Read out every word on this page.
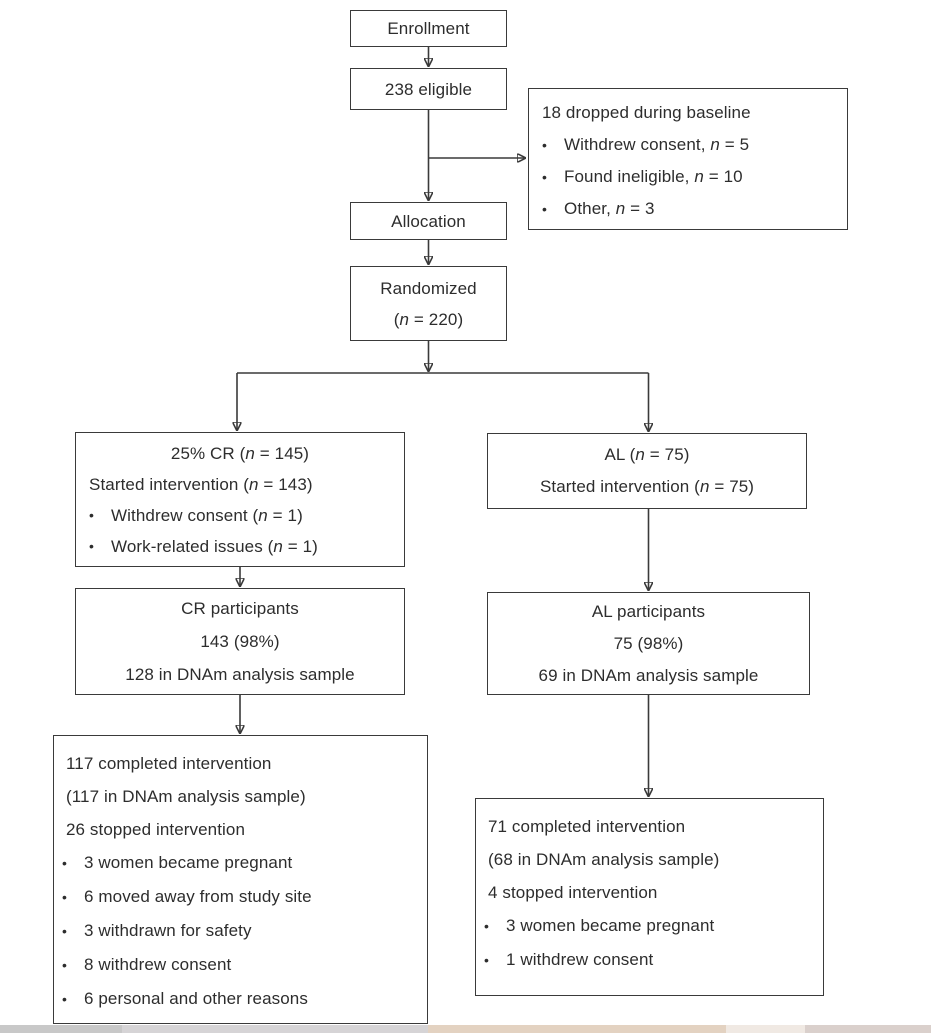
Enrollment
238 eligible
18 dropped during baseline
• Withdrew consent, n = 5
• Found ineligible, n = 10
• Other, n = 3
Allocation
Randomized
(n = 220)
25% CR (n = 145)
Started intervention (n = 143)
• Withdrew consent (n = 1)
• Work-related issues (n = 1)
AL (n = 75)
Started intervention (n = 75)
CR participants
143 (98%)
128 in DNAm analysis sample
AL participants
75 (98%)
69 in DNAm analysis sample
117 completed intervention
(117 in DNAm analysis sample)
26 stopped intervention
• 3 women became pregnant
• 6 moved away from study site
• 3 withdrawn for safety
• 8 withdrew consent
• 6 personal and other reasons
71 completed intervention
(68 in DNAm analysis sample)
4 stopped intervention
• 3 women became pregnant
• 1 withdrew consent
